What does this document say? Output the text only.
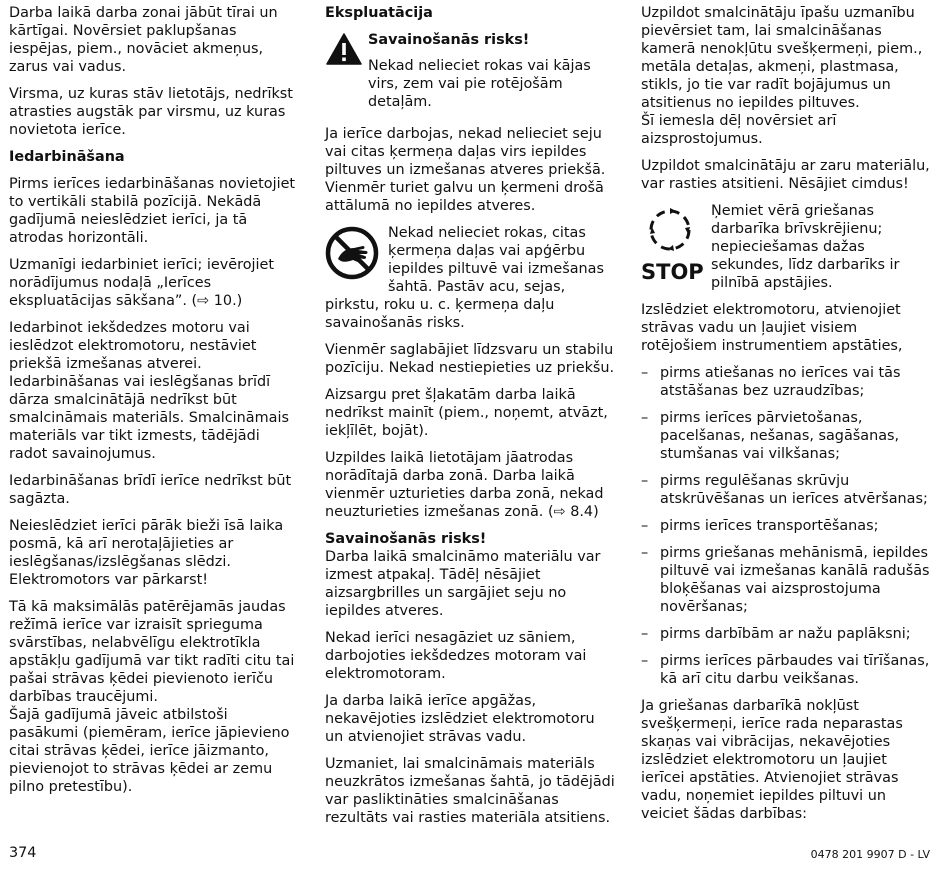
Darba laikā darba zonai jābūt tīrai un kārtīgai. Novērsiet paklupšanas iespējas, piem., novāciet akmeņus, zarus vai vadus.

Virsma, uz kuras stāv lietotājs, nedrīkst atrasties augstāk par virsmu, uz kuras novietota ierīce.

Iedarbināšana

Pirms ierīces iedarbināšanas novietojiet to vertikāli stabilā pozīcijā. Nekādā gadījumā neieslēdziet ierīci, ja tā atrodas horizontāli.

Uzmanīgi iedarbiniet ierīci; ievērojiet norādījumus nodaļā „Ierīces ekspluatācijas sākšana”. (⇨ 10.)

Iedarbinot iekšdedzes motoru vai ieslēdzot elektromotoru, nestāviet priekšā izmešanas atverei. Iedarbināšanas vai ieslēgšanas brīdī dārza smalcinātājā nedrīkst būt smalcināmais materiāls. Smalcināmais materiāls var tikt izmests, tādējādi radot savainojumus.

Iedarbināšanas brīdī ierīce nedrīkst būt sagāzta.

Neieslēdziet ierīci pārāk bieži īsā laika posmā, kā arī nerotaļājieties ar ieslēgšanas/izslēgšanas slēdzi. Elektromotors var pārkarst!

Tā kā maksimālās patērējamās jaudas režīmā ierīce var izraisīt sprieguma svārstības, nelabvēlīgu elektrotīkla apstākļu gadījumā var tikt radīti citu tai pašai strāvas ķēdei pievienoto ierīču darbības traucējumi.
Šajā gadījumā jāveic atbilstoši pasākumi (piemēram, ierīce jāpievieno citai strāvas ķēdei, ierīce jāizmanto, pievienojot to strāvas ķēdei ar zemu pilno pretestību).
Ekspluatācija
Savainošanās risks!
Nekad nelieciet rokas vai kājas virs, zem vai pie rotējošām detaļām.

Ja ierīce darbojas, nekad nelieciet seju vai citas ķermeņa daļas virs iepildes piltuves un izmešanas atveres priekšā. Vienmēr turiet galvu un ķermeni drošā attālumā no iepildes atveres.

Nekad nelieciet rokas, citas ķermeņa daļas vai apģērbu iepildes piltuvē vai izmešanas šahtā. Pastāv acu, sejas, pirkstu, roku u. c. ķermeņa daļu savainošanās risks.

Vienmēr saglabājiet līdzsvaru un stabilu pozīciju. Nekad nestiepieties uz priekšu.

Aizsargu pret šļakatām darba laikā nedrīkst mainīt (piem., noņemt, atvāzt, iekļīlēt, bojāt).

Uzpildes laikā lietotājam jāatrodas norādītajā darba zonā. Darba laikā vienmēr uzturieties darba zonā, nekad neuzturieties izmešanas zonā. (⇨ 8.4)

Savainošanās risks!
Darba laikā smalcināmo materiālu var izmest atpakaļ. Tādēļ nēsājiet aizsargbrilles un sargājiet seju no iepildes atveres.

Nekad ierīci nesagāziet uz sāniem, darbojoties iekšdedzes motoram vai elektromotoram.

Ja darba laikā ierīce apgāžas, nekavējoties izslēdziet elektromotoru un atvienojiet strāvas vadu.

Uzmaniet, lai smalcināmais materiāls neuzkrātos izmešanas šahtā, jo tādējādi var pasliktināties smalcināšanas rezultāts vai rasties materiāla atsitiens.

Uzpildot smalcinātāju īpašu uzmanību pievērsiet tam, lai smalcināšanas kamerā nenokļūtu svešķermeņi, piem., metāla detaļas, akmeņi, plastmasa, stikls, jo tie var radīt bojājumus un atsitienus no iepildes piltuves.
Šī iemesla dēļ novērsiet arī aizsprostojumus.

Uzpildot smalcinātāju ar zaru materiālu, var rasties atsitieni. Nēsājiet cimdus!

STOP
Ņemiet vērā griešanas darbarīka brīvskrējienu; nepieciešamas dažas sekundes, līdz darbarīks ir pilnībā apstājies.

Izslēdziet elektromotoru, atvienojiet strāvas vadu un ļaujiet visiem rotējošiem instrumentiem apstāties,

– pirms atiešanas no ierīces vai tās atstāšanas bez uzraudzības;
– pirms ierīces pārvietošanas, pacelšanas, nešanas, sagāšanas, stumšanas vai vilkšanas;
– pirms regulēšanas skrūvju atskrūvēšanas un ierīces atvēršanas;
– pirms ierīces transportēšanas;
– pirms griešanas mehānismā, iepildes piltuvē vai izmešanas kanālā radušās bloķēšanas vai aizsprostojuma novēršanas;
– pirms darbībām ar nažu paplāksni;
– pirms ierīces pārbaudes vai tīrīšanas, kā arī citu darbu veikšanas.

Ja griešanas darbarīkā nokļūst svešķermeņi, ierīce rada neparastas skaņas vai vibrācijas, nekavējoties izslēdziet elektromotoru un ļaujiet ierīcei apstāties. Atvienojiet strāvas vadu, noņemiet iepildes piltuvi un veiciet šādas darbības:

374	0478 201 9907 D - LV
